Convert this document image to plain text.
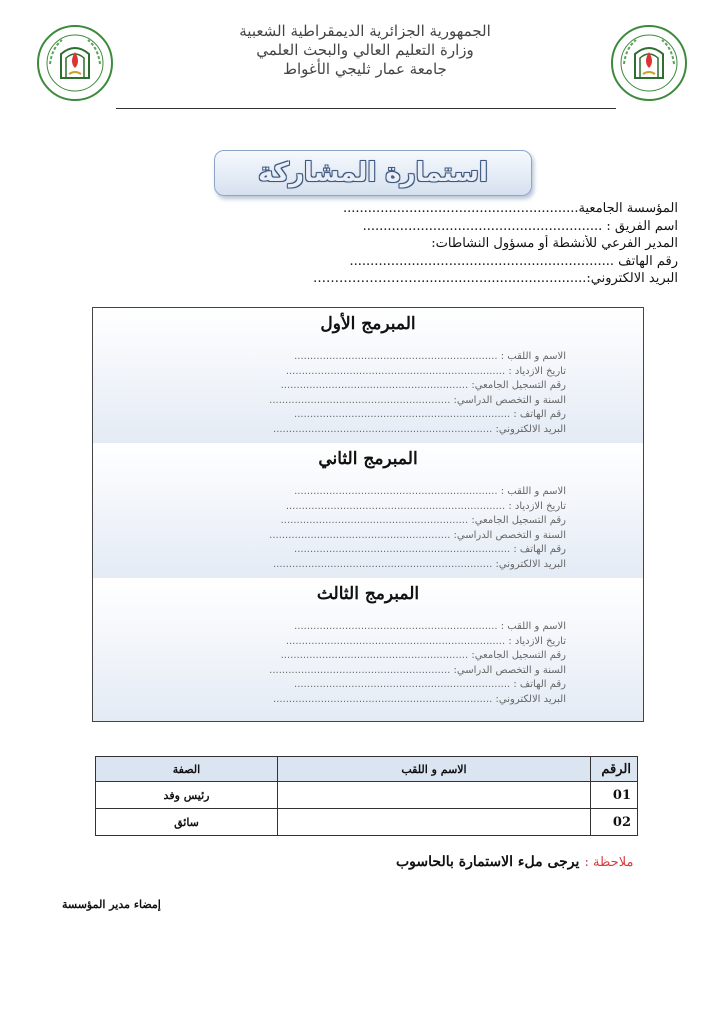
الجمهورية الجزائرية الديمقراطية الشعبية
وزارة التعليم العالي والبحث العلمي
جامعة عمار ثليجي الأغواط
استمارة المشاركة
المؤسسة الجامعية.........................................................
اسم الفريق : ..........................................................
المدير الفرعي للأنشطة أو مسؤول النشاطات:
رقم الهاتف ................................................................
البريد الالكتروني:.........................................‪……………………
المبرمج الأول
الاسم و اللقب : ................................................................
تاريخ الازدياد : .....................................................................
رقم التسجيل الجامعي: ...........................................................
السنة و التخصص الدراسي: .........................................................
رقم الهاتف : ....................................................................
البريد الالكتروني: .....................................................................
المبرمج الثاني
الاسم و اللقب : ................................................................
تاريخ الازدياد : .....................................................................
رقم التسجيل الجامعي: ...........................................................
السنة و التخصص الدراسي: .........................................................
رقم الهاتف : ....................................................................
البريد الالكتروني: .....................................................................
المبرمج الثالث
الاسم و اللقب : ................................................................
تاريخ الازدياد : .....................................................................
رقم التسجيل الجامعي: ...........................................................
السنة و التخصص الدراسي: .........................................................
رقم الهاتف : ....................................................................
البريد الالكتروني: .....................................................................
الرقم	الاسم و اللقب	الصفة
01		رئيس وفد
02		سائق
ملاحظة : يرجى ملء الاستمارة بالحاسوب
إمضاء مدير المؤسسة
